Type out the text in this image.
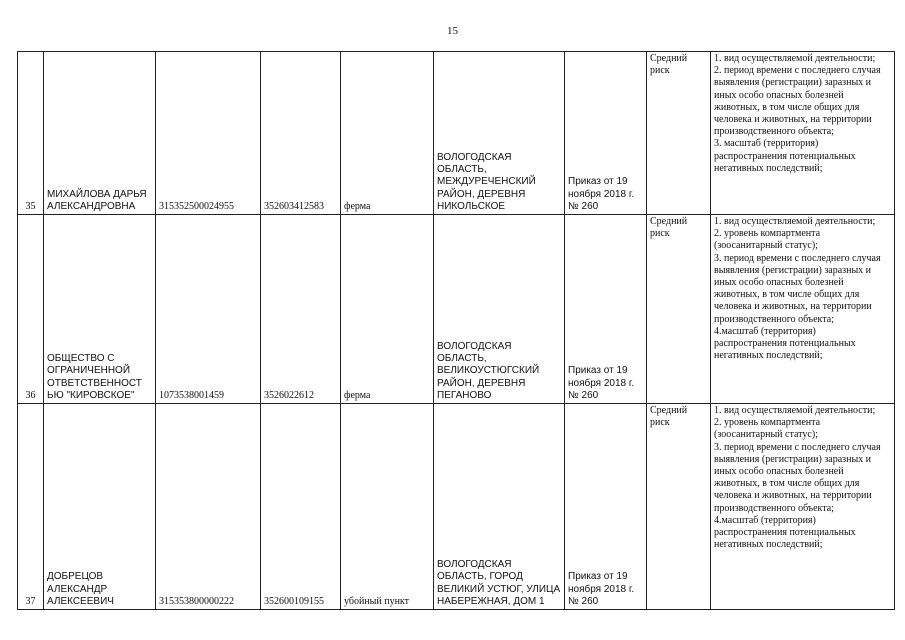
15
35	МИХАЙЛОВА ДАРЬЯ АЛЕКСАНДРОВНА	315352500024955	352603412583	ферма	ВОЛОГОДСКАЯ ОБЛАСТЬ, МЕЖДУРЕЧЕНСКИЙ РАЙОН, ДЕРЕВНЯ НИКОЛЬСКОЕ	Приказ от 19 ноября 2018 г. № 260	Средний риск	1. вид осуществляемой деятельности;
2. период времени с последнего случая выявления (регистрации) заразных и иных особо опасных болезней животных, в том числе общих для человека и животных, на территории производственного объекта;
3. масштаб (территория) распространения потенциальных негативных последствий;

36	ОБЩЕСТВО С ОГРАНИЧЕННОЙ ОТВЕТСТВЕННОСТ ЬЮ "КИРОВСКОЕ"	1073538001459	3526022612	ферма	ВОЛОГОДСКАЯ ОБЛАСТЬ, ВЕЛИКОУСТЮГСКИЙ РАЙОН, ДЕРЕВНЯ ПЕГАНОВО	Приказ от 19 ноября 2018 г. № 260	Средний риск	1. вид осуществляемой деятельности;
2. уровень компартмента (зоосанитарный статус);
3. период времени с последнего случая выявления (регистрации) заразных и иных особо опасных болезней животных, в том числе общих для человека и животных, на территории производственного объекта;
4.масштаб (территория) распространения потенциальных негативных последствий;

37	ДОБРЕЦОВ АЛЕКСАНДР АЛЕКСЕЕВИЧ	315353800000222	352600109155	убойный пункт	ВОЛОГОДСКАЯ ОБЛАСТЬ, ГОРОД ВЕЛИКИЙ УСТЮГ, УЛИЦА НАБЕРЕЖНАЯ, ДОМ 1	Приказ от 19 ноября 2018 г. № 260	Средний риск	1. вид осуществляемой деятельности;
2. уровень компартмента (зоосанитарный статус);
3. период времени с последнего случая выявления (регистрации) заразных и иных особо опасных болезней животных, в том числе общих для человека и животных, на территории производственного объекта;
4.масштаб (территория) распространения потенциальных негативных последствий;
